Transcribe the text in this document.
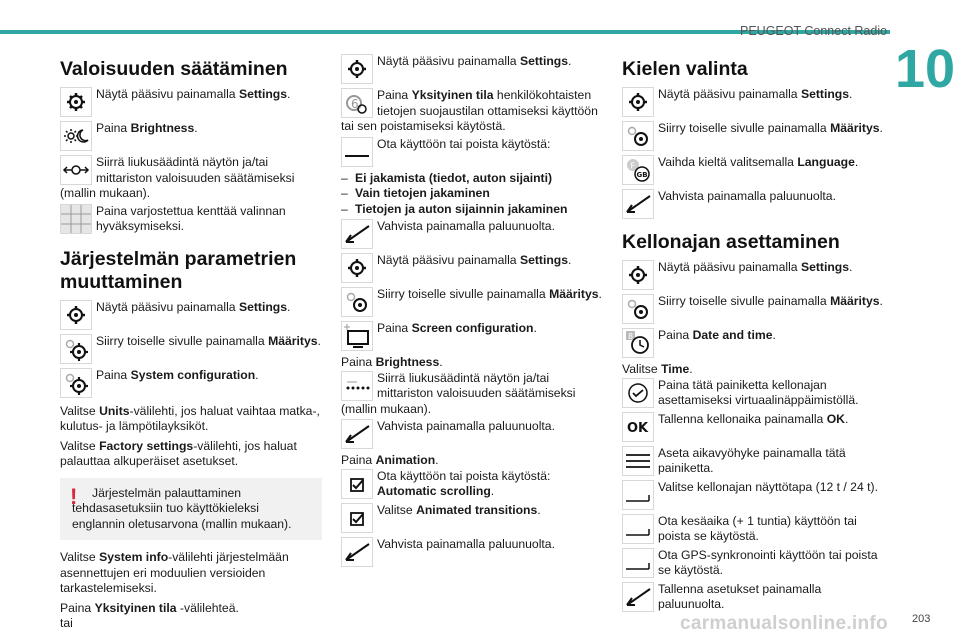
PEUGEOT Connect Radio
10
Valoisuuden säätäminen
Näytä pääsivu painamalla Settings.
Paina Brightness.
Siirrä liukusäädintä näytön ja/tai mittariston valoisuuden säätämiseksi (mallin mukaan).
Paina varjostettua kenttää valinnan hyväksymiseksi.
Järjestelmän parametrien muuttaminen
Näytä pääsivu painamalla Settings.
Siirry toiselle sivulle painamalla Määritys.
Paina System configuration.
Valitse Units-välilehti, jos haluat vaihtaa matka-, kulutus- ja lämpötilayksiköt.
Valitse Factory settings-välilehti, jos haluat palauttaa alkuperäiset asetukset.
!	Järjestelmän palauttaminen tehdasasetuksiin tuo käyttökieleksi englannin oletusarvona (mallin mukaan).
Valitse System info-välilehti järjestelmään asennettujen eri moduulien versioiden tarkastelemiseksi.
Paina Yksityinen tila -välilehteä.
tai
Näytä pääsivu painamalla Settings.
6
Paina Yksityinen tila henkilökohtaisten tietojen suojaustilan ottamiseksi käyttöön tai sen poistamiseksi käytöstä.
Ota käyttöön tai poista käytöstä:
– Ei jakamista (tiedot, auton sijainti)
– Vain tietojen jakaminen
– Tietojen ja auton sijainnin jakaminen
Vahvista painamalla paluunuolta.
Näytä pääsivu painamalla Settings.
Siirry toiselle sivulle painamalla Määritys.
Paina Screen configuration.
Paina Brightness.
Siirrä liukusäädintä näytön ja/tai mittariston valoisuuden säätämiseksi (mallin mukaan).
Vahvista painamalla paluunuolta.
Paina Animation.
Ota käyttöön tai poista käytöstä: Automatic scrolling.
Valitse Animated transitions.
Vahvista painamalla paluunuolta.
Kielen valinta
Näytä pääsivu painamalla Settings.
Siirry toiselle sivulle painamalla Määritys.
F
GB
Vaihda kieltä valitsemalla Language.
Vahvista painamalla paluunuolta.
Kellonajan asettaminen
Näytä pääsivu painamalla Settings.
Siirry toiselle sivulle painamalla Määritys.
8	Paina Date and time.
Valitse Time.
Paina tätä painiketta kellonajan asettamiseksi virtuaalinäppäimistöllä.
OK
Tallenna kellonaika painamalla OK.
Aseta aikavyöhyke painamalla tätä painiketta.
Valitse kellonajan näyttötapa (12 t / 24 t).
Ota kesäaika (+ 1 tuntia) käyttöön tai poista se käytöstä.
Ota GPS-synkronointi käyttöön tai poista se käytöstä.
Tallenna asetukset painamalla paluunuolta.
carmanualsonline.info 203
